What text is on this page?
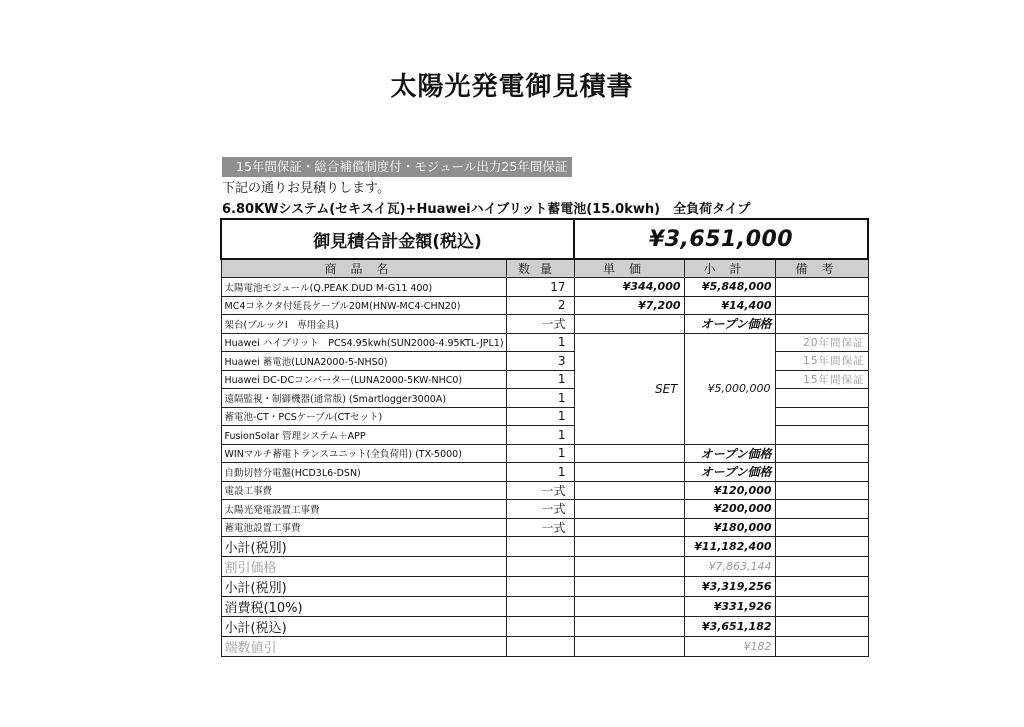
太陽光発電御見積書
15年間保証・総合補償制度付・モジュール出力25年間保証
下記の通りお見積りします。
6.80KWシステム(セキスイ瓦)+Huaweiハイブリット蓄電池(15.0kwh)　全負荷タイプ
御見積合計金額(税込)		¥3,651,000		
商品名	数量	単価	小計	備考
太陽電池モジュール(Q.PEAK DUD M-G11 400)	17	¥344,000	¥5,848,000	
MC4コネクタ付延長ケーブル20M(HNW-MC4-CHN20)	2	¥7,200	¥14,400	
架台(ブルックⅠ　専用金具)	一式		オープン価格	
Huawei ハイブリット　PCS4.95kwh(SUN2000-4.95KTL-JPL1)	1	SET	¥5,000,000	20年間保証
Huawei 蓄電池(LUNA2000-5-NHS0)	3			15年間保証
Huawei DC-DCコンバーター(LUNA2000-5KW-NHC0)	1			15年間保証
遠隔監視・制御機器(通常版) (Smartlogger3000A)	1			
蓄電池-CT・PCSケーブル(CTセット)	1			
FusionSolar 管理システム＋APP	1			
WINマルチ蓄電トランスユニット(全負荷用) (TX-5000)	1		オープン価格	
自動切替分電盤(HCD3L6-DSN)	1		オープン価格	
電設工事費	一式		¥120,000	
太陽光発電設置工事費	一式		¥200,000	
蓄電池設置工事費	一式		¥180,000	
小計(税別)			¥11,182,400	
割引価格			¥7,863,144	
小計(税別)			¥3,319,256	
消費税(10%)			¥331,926	
小計(税込)			¥3,651,182	
端数値引			¥182	
